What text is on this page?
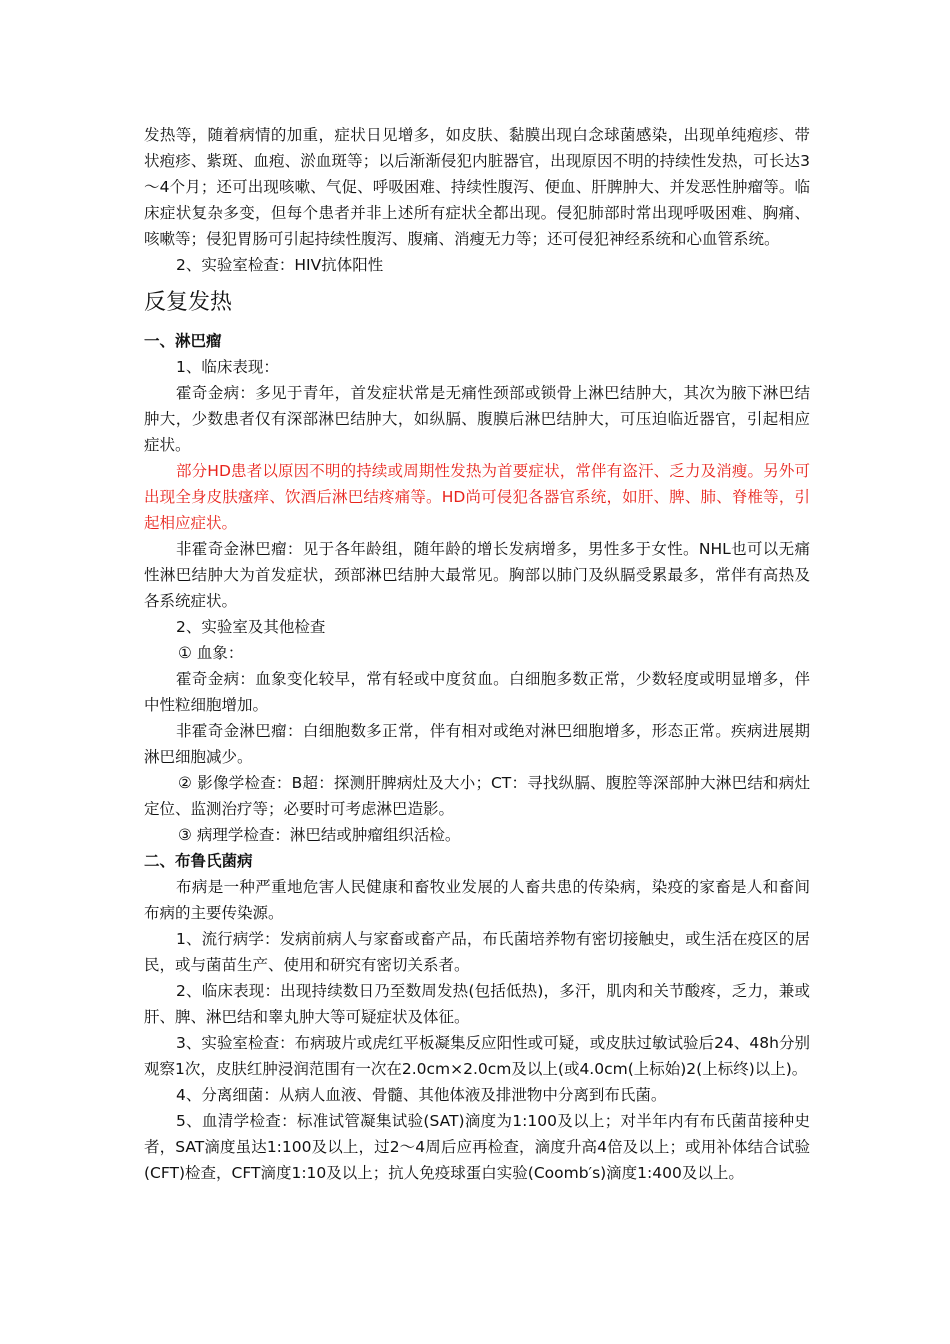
发热等，随着病情的加重，症状日见增多，如皮肤、黏膜出现白念球菌感染，出现单纯疱疹、带状疱疹、紫斑、血疱、淤血斑等；以后渐渐侵犯内脏器官，出现原因不明的持续性发热，可长达3～4个月；还可出现咳嗽、气促、呼吸困难、持续性腹泻、便血、肝脾肿大、并发恶性肿瘤等。临床症状复杂多变，但每个患者并非上述所有症状全都出现。侵犯肺部时常出现呼吸困难、胸痛、咳嗽等；侵犯胃肠可引起持续性腹泻、腹痛、消瘦无力等；还可侵犯神经系统和心血管系统。

2、实验室检查：HIV抗体阳性

反复发热
一、淋巴瘤

1、临床表现：

霍奇金病：多见于青年，首发症状常是无痛性颈部或锁骨上淋巴结肿大，其次为腋下淋巴结肿大，少数患者仅有深部淋巴结肿大，如纵膈、腹膜后淋巴结肿大，可压迫临近器官，引起相应症状。

部分HD患者以原因不明的持续或周期性发热为首要症状，常伴有盗汗、乏力及消瘦。另外可出现全身皮肤瘙痒、饮酒后淋巴结疼痛等。HD尚可侵犯各器官系统，如肝、脾、肺、脊椎等，引起相应症状。

非霍奇金淋巴瘤：见于各年龄组，随年龄的增长发病增多，男性多于女性。NHL也可以无痛性淋巴结肿大为首发症状，颈部淋巴结肿大最常见。胸部以肺门及纵膈受累最多，常伴有高热及各系统症状。

2、实验室及其他检查

① 血象：

霍奇金病：血象变化较早，常有轻或中度贫血。白细胞多数正常，少数轻度或明显增多，伴中性粒细胞增加。

非霍奇金淋巴瘤：白细胞数多正常，伴有相对或绝对淋巴细胞增多，形态正常。疾病进展期淋巴细胞减少。

② 影像学检查：B超：探测肝脾病灶及大小；CT：寻找纵膈、腹腔等深部肿大淋巴结和病灶定位、监测治疗等；必要时可考虑淋巴造影。

③ 病理学检查：淋巴结或肿瘤组织活检。

二、布鲁氏菌病

布病是一种严重地危害人民健康和畜牧业发展的人畜共患的传染病，染疫的家畜是人和畜间布病的主要传染源。

1、流行病学：发病前病人与家畜或畜产品，布氏菌培养物有密切接触史，或生活在疫区的居民，或与菌苗生产、使用和研究有密切关系者。

2、临床表现：出现持续数日乃至数周发热(包括低热)，多汗，肌肉和关节酸疼，乏力，兼或肝、脾、淋巴结和睾丸肿大等可疑症状及体征。

3、实验室检查：布病玻片或虎红平板凝集反应阳性或可疑，或皮肤过敏试验后24、48h分别观察1次，皮肤红肿浸润范围有一次在2.0cm×2.0cm及以上(或4.0cm(上标始)2(上标终)以上)。

4、分离细菌：从病人血液、骨髓、其他体液及排泄物中分离到布氏菌。

5、血清学检查：标准试管凝集试验(SAT)滴度为1:100及以上；对半年内有布氏菌苗接种史者，SAT滴度虽达1:100及以上，过2～4周后应再检查，滴度升高4倍及以上；或用补体结合试验(CFT)检查，CFT滴度1:10及以上；抗人免疫球蛋白实验(Coomb′s)滴度1:400及以上。
